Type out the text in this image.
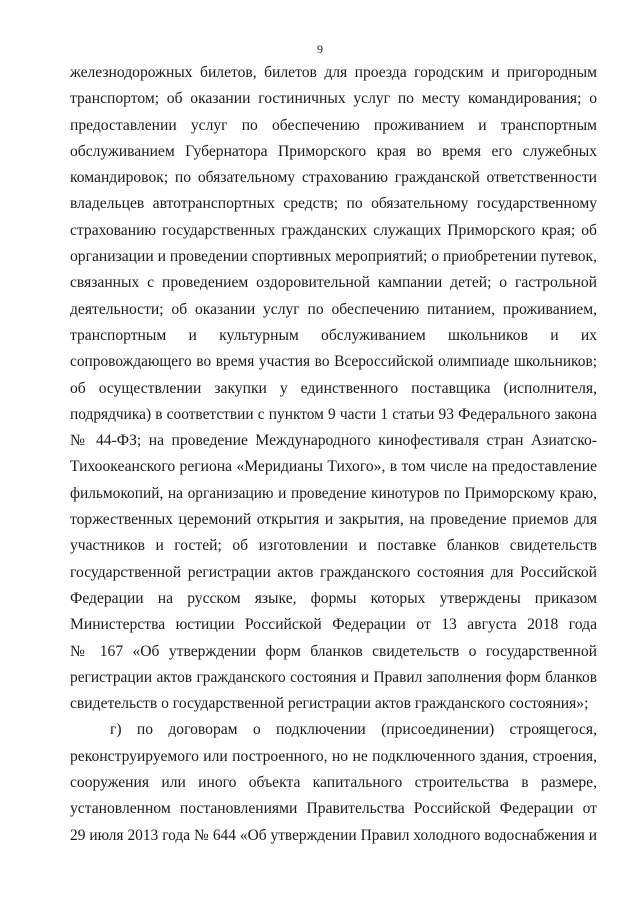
9
железнодорожных билетов, билетов для проезда городским и пригородным
транспортом; об оказании гостиничных услуг по месту командирования; о
предоставлении услуг по обеспечению проживанием и транспортным
обслуживанием Губернатора Приморского края во время его служебных
командировок; по обязательному страхованию гражданской ответственности
владельцев автотранспортных средств; по обязательному государственному
страхованию государственных гражданских служащих Приморского края; об
организации и проведении спортивных мероприятий; о приобретении путевок,
связанных с проведением оздоровительной кампании детей; о гастрольной
деятельности; об оказании услуг по обеспечению питанием, проживанием,
транспортным и культурным обслуживанием школьников и их
сопровождающего во время участия во Всероссийской олимпиаде школьников;
об осуществлении закупки у единственного поставщика (исполнителя,
подрядчика) в соответствии с пунктом 9 части 1 статьи 93 Федерального закона
№ 44-ФЗ; на проведение Международного кинофестиваля стран Азиатско-
Тихоокеанского региона «Меридианы Тихого», в том числе на предоставление
фильмокопий, на организацию и проведение кинотуров по Приморскому краю,
торжественных церемоний открытия и закрытия, на проведение приемов для
участников и гостей; об изготовлении и поставке бланков свидетельств
государственной регистрации актов гражданского состояния для Российской
Федерации на русском языке, формы которых утверждены приказом
Министерства юстиции Российской Федерации от 13 августа 2018 года
№ 167 «Об утверждении форм бланков свидетельств о государственной
регистрации актов гражданского состояния и Правил заполнения форм бланков
свидетельств о государственной регистрации актов гражданского состояния»;
г) по договорам о подключении (присоединении) строящегося,
реконструируемого или построенного, но не подключенного здания, строения,
сооружения или иного объекта капитального строительства в размере,
установленном постановлениями Правительства Российской Федерации от
29 июля 2013 года № 644 «Об утверждении Правил холодного водоснабжения и
